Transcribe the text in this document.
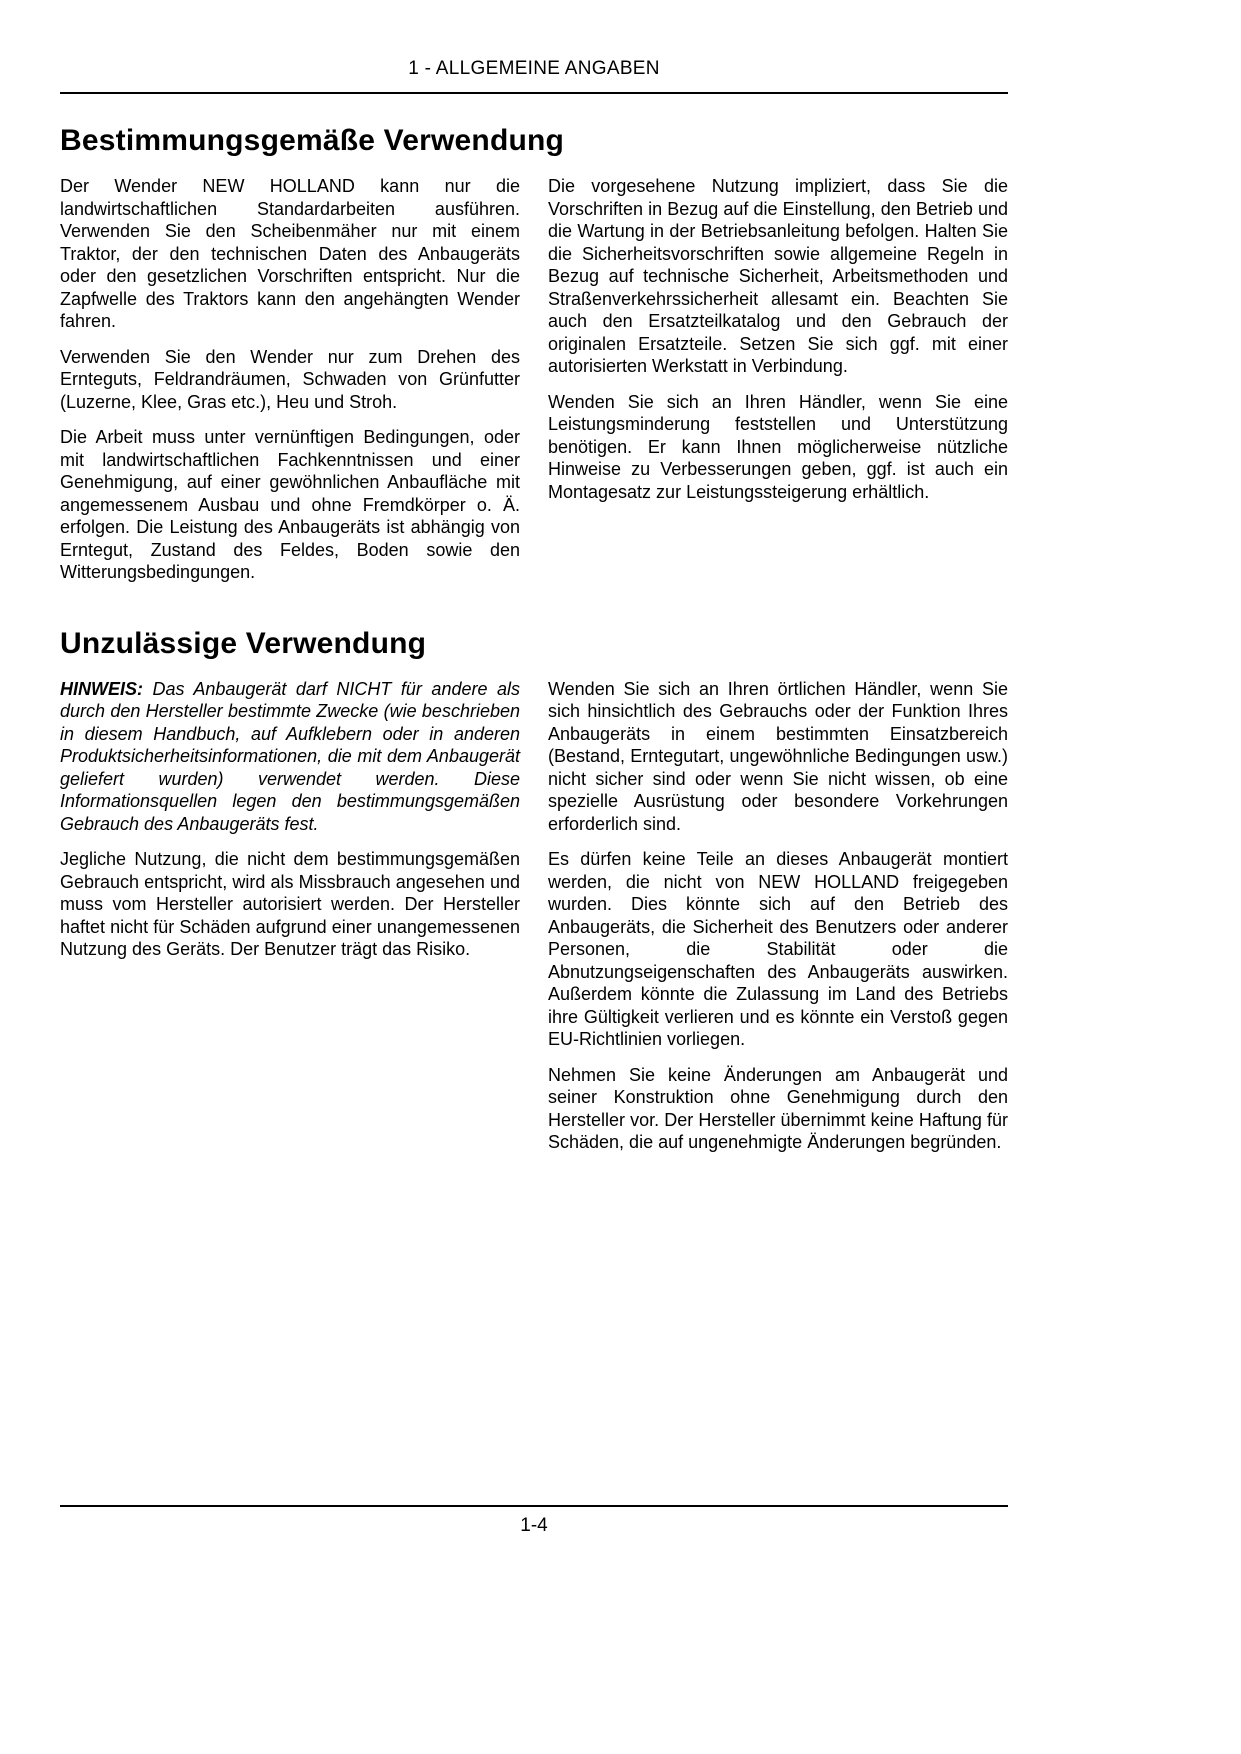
1 - ALLGEMEINE ANGABEN
Bestimmungsgemäße Verwendung

Der Wender NEW HOLLAND kann nur die landwirtschaftlichen Standardarbeiten ausführen. Verwenden Sie den Scheibenmäher nur mit einem Traktor, der den technischen Daten des Anbaugeräts oder den gesetzlichen Vorschriften entspricht. Nur die Zapfwelle des Traktors kann den angehängten Wender fahren.

Verwenden Sie den Wender nur zum Drehen des Ernteguts, Feldrandräumen, Schwaden von Grünfutter (Luzerne, Klee, Gras etc.), Heu und Stroh.

Die Arbeit muss unter vernünftigen Bedingungen, oder mit landwirtschaftlichen Fachkenntnissen und einer Genehmigung, auf einer gewöhnlichen Anbaufläche mit angemessenem Ausbau und ohne Fremdkörper o. Ä. erfolgen. Die Leistung des Anbaugeräts ist abhängig von Erntegut, Zustand des Feldes, Boden sowie den Witterungsbedingungen.

Die vorgesehene Nutzung impliziert, dass Sie die Vorschriften in Bezug auf die Einstellung, den Betrieb und die Wartung in der Betriebsanleitung befolgen. Halten Sie die Sicherheitsvorschriften sowie allgemeine Regeln in Bezug auf technische Sicherheit, Arbeitsmethoden und Straßenverkehrssicherheit allesamt ein. Beachten Sie auch den Ersatzteilkatalog und den Gebrauch der originalen Ersatzteile. Setzen Sie sich ggf. mit einer autorisierten Werkstatt in Verbindung.

Wenden Sie sich an Ihren Händler, wenn Sie eine Leistungsminderung feststellen und Unterstützung benötigen. Er kann Ihnen möglicherweise nützliche Hinweise zu Verbesserungen geben, ggf. ist auch ein Montagesatz zur Leistungssteigerung erhältlich.

Unzulässige Verwendung

HINWEIS: Das Anbaugerät darf NICHT für andere als durch den Hersteller bestimmte Zwecke (wie beschrieben in diesem Handbuch, auf Aufklebern oder in anderen Produktsicherheitsinformationen, die mit dem Anbaugerät geliefert wurden) verwendet werden. Diese Informationsquellen legen den bestimmungsgemäßen Gebrauch des Anbaugeräts fest.

Jegliche Nutzung, die nicht dem bestimmungsgemäßen Gebrauch entspricht, wird als Missbrauch angesehen und muss vom Hersteller autorisiert werden. Der Hersteller haftet nicht für Schäden aufgrund einer unangemessenen Nutzung des Geräts. Der Benutzer trägt das Risiko.

Wenden Sie sich an Ihren örtlichen Händler, wenn Sie sich hinsichtlich des Gebrauchs oder der Funktion Ihres Anbaugeräts in einem bestimmten Einsatzbereich (Bestand, Erntegutart, ungewöhnliche Bedingungen usw.) nicht sicher sind oder wenn Sie nicht wissen, ob eine spezielle Ausrüstung oder besondere Vorkehrungen erforderlich sind.

Es dürfen keine Teile an dieses Anbaugerät montiert werden, die nicht von NEW HOLLAND freigegeben wurden. Dies könnte sich auf den Betrieb des Anbaugeräts, die Sicherheit des Benutzers oder anderer Personen, die Stabilität oder die Abnutzungseigenschaften des Anbaugeräts auswirken. Außerdem könnte die Zulassung im Land des Betriebs ihre Gültigkeit verlieren und es könnte ein Verstoß gegen EU-Richtlinien vorliegen.

Nehmen Sie keine Änderungen am Anbaugerät und seiner Konstruktion ohne Genehmigung durch den Hersteller vor. Der Hersteller übernimmt keine Haftung für Schäden, die auf ungenehmigte Änderungen begründen.

1-4
